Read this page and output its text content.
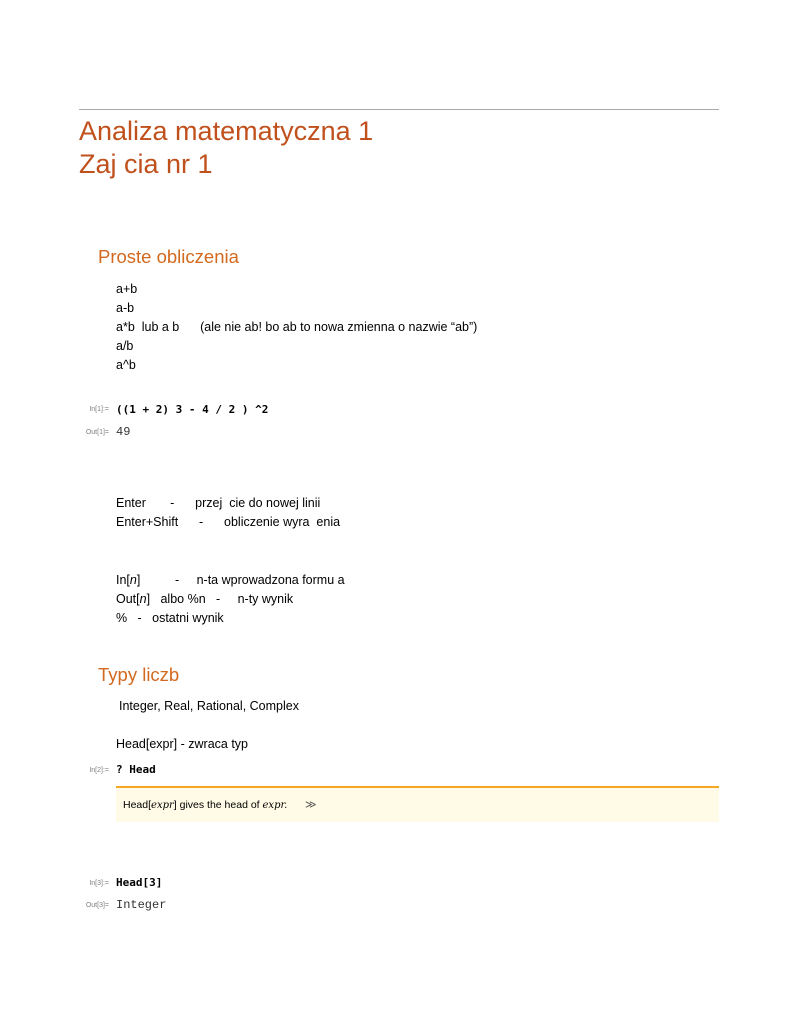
Analiza matematyczna 1
Zaj cia nr 1
Proste obliczenia
a+b
a-b
a*b  lub a b      (ale nie ab! bo ab to nowa zmienna o nazwie “ab”)
a/b
a^b
In[1]:= ((1 + 2) 3 - 4 / 2 ) ^2
Out[1]= 49
Enter       -      przej  cie do nowej linii
Enter+Shift      -      obliczenie wyra  enia
In[n]          -     n-ta wprowadzona formu a
Out[n]   albo %n   -     n-ty wynik
%   -   ostatni wynik
Typy liczb
Integer, Real, Rational, Complex
Head[expr] - zwraca typ
In[2]:= ? Head
Head[expr] gives the head of expr. ≫
In[3]:= Head[3]
Out[3]= Integer
